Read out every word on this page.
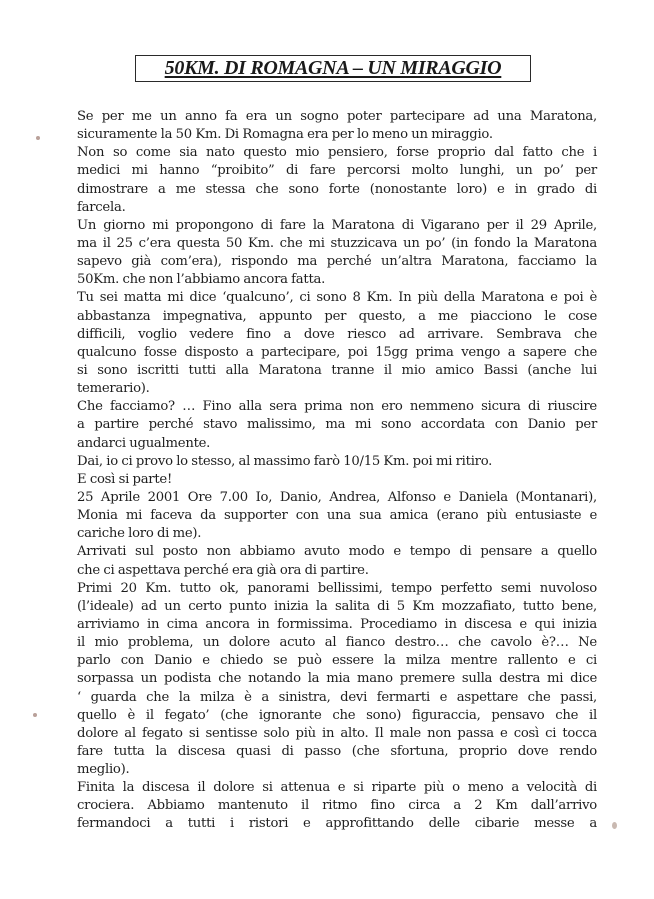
50KM. DI ROMAGNA – UN MIRAGGIO
Se per me un anno fa era un sogno poter partecipare ad una Maratona,
sicuramente la 50 Km. Di Romagna era per lo meno un miraggio.
Non so come sia nato questo mio pensiero, forse proprio dal fatto che i
medici mi hanno “proibito” di fare percorsi molto lunghi, un po’ per
dimostrare a me stessa che sono forte (nonostante loro) e in grado di
farcela.
Un giorno mi propongono di fare la Maratona di Vigarano per il 29 Aprile,
ma il 25 c’era questa 50 Km. che mi stuzzicava un po’ (in fondo la Maratona
sapevo già com’era), rispondo ma perché un’altra Maratona, facciamo la
50Km. che non l’abbiamo ancora fatta.
Tu sei matta mi dice ‘qualcuno’, ci sono 8 Km. In più della Maratona e poi è
abbastanza impegnativa, appunto per questo, a me piacciono le cose
difficili, voglio vedere fino a dove riesco ad arrivare. Sembrava che
qualcuno fosse disposto a partecipare, poi 15gg prima vengo a sapere che
si sono iscritti tutti alla Maratona tranne il mio amico Bassi (anche lui
temerario).
Che facciamo? … Fino alla sera prima non ero nemmeno sicura di riuscire
a partire perché stavo malissimo, ma mi sono accordata con Danio per
andarci ugualmente.
Dai, io ci provo lo stesso, al massimo farò 10/15 Km. poi mi ritiro.
E così si parte!
25 Aprile 2001 Ore 7.00 Io, Danio, Andrea, Alfonso e Daniela (Montanari),
Monia mi faceva da supporter con una sua amica (erano più entusiaste e
cariche loro di me).
Arrivati sul posto non abbiamo avuto modo e tempo di pensare a quello
che ci aspettava perché era già ora di partire.
Primi 20 Km. tutto ok, panorami bellissimi, tempo perfetto semi nuvoloso
(l’ideale) ad un certo punto inizia la salita di 5 Km mozzafiato, tutto bene,
arriviamo in cima ancora in formissima. Procediamo in discesa e qui inizia
il mio problema, un dolore acuto al fianco destro… che cavolo è?… Ne
parlo con Danio e chiedo se può essere la milza mentre rallento e ci
sorpassa un podista che notando la mia mano premere sulla destra mi dice
‘ guarda che la milza è a sinistra, devi fermarti e aspettare che passi,
quello è il fegato’ (che ignorante che sono) figuraccia, pensavo che il
dolore al fegato si sentisse solo più in alto. Il male non passa e così ci tocca
fare tutta la discesa quasi di passo (che sfortuna, proprio dove rendo
meglio).
Finita la discesa il dolore si attenua e si riparte più o meno a velocità di
crociera. Abbiamo mantenuto il ritmo fino circa a 2 Km dall’arrivo
fermandoci a tutti i ristori e approfittando delle cibarie messe a
